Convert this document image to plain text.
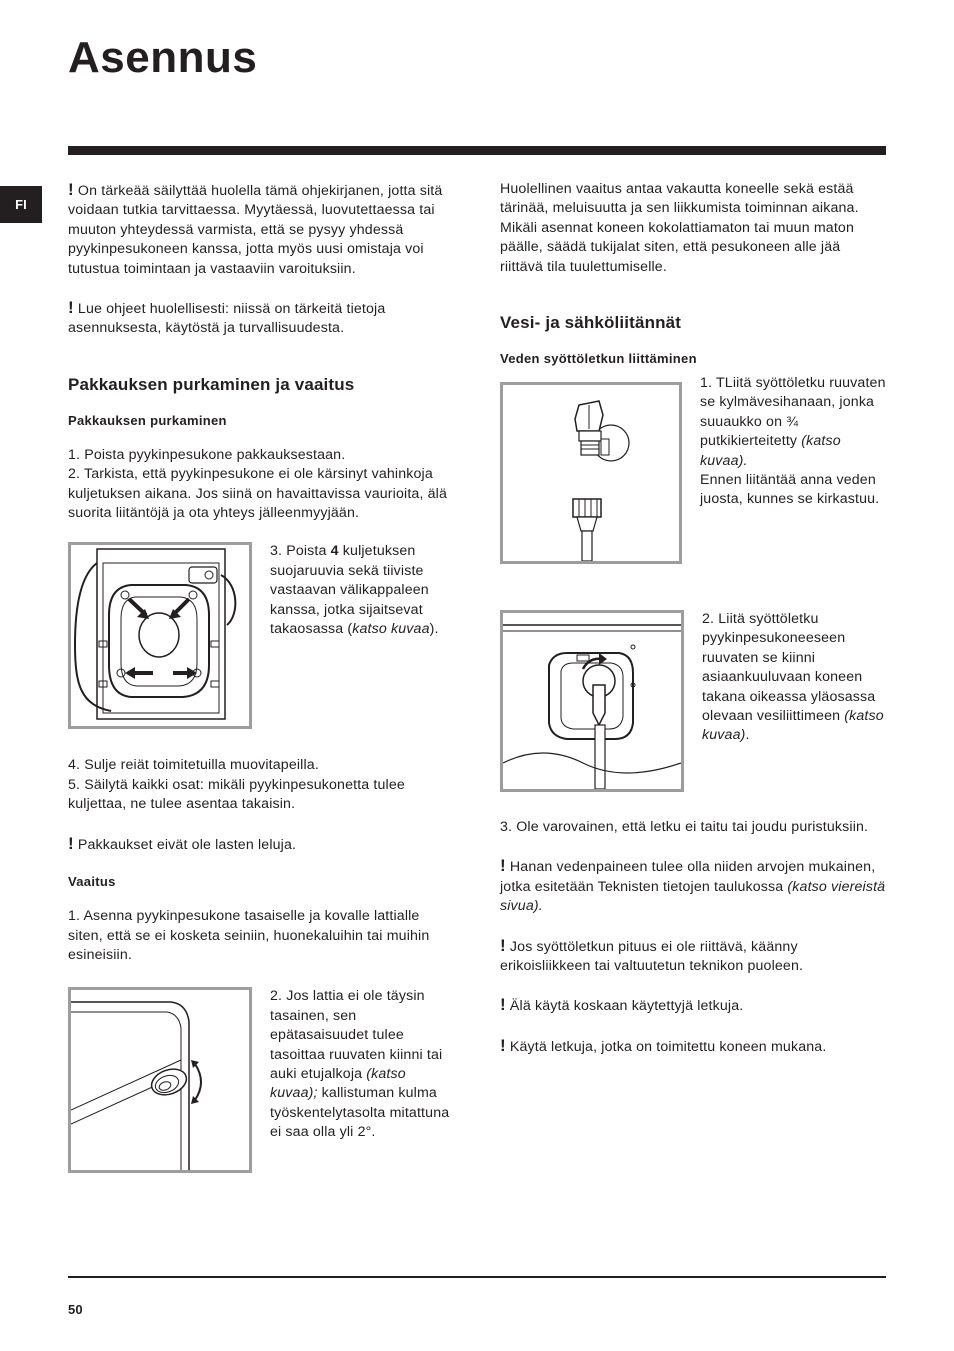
Asennus
FI

! On tärkeää säilyttää huolella tämä ohjekirjanen, jotta sitä voidaan tutkia tarvittaessa. Myytäessä, luovutettaessa tai muuton yhteydessä varmista, että se pysyy yhdessä pyykinpesukoneen kanssa, jotta myös uusi omistaja voi tutustua toimintaan ja vastaaviin varoituksiin.

! Lue ohjeet huolellisesti: niissä on tärkeitä tietoja asennuksesta, käytöstä ja turvallisuudesta.

Pakkauksen purkaminen ja vaaitus

Pakkauksen purkaminen

1. Poista pyykinpesukone pakkauksestaan.

2. Tarkista, että pyykinpesukone ei ole kärsinyt vahinkoja kuljetuksen aikana. Jos siinä on havaittavissa vaurioita, älä suorita liitäntöjä ja ota yhteys jälleenmyyjään.

3. Poista 4 kuljetuksen suojaruuvia sekä tiiviste vastaavan välikappaleen kanssa, jotka sijaitsevat takaosassa (katso kuvaa).

4. Sulje reiät toimitetuilla muovitapeilla.

5. Säilytä kaikki osat: mikäli pyykinpesukonetta tulee kuljettaa, ne tulee asentaa takaisin.

! Pakkaukset eivät ole lasten leluja.

Vaaitus

1. Asenna pyykinpesukone tasaiselle ja kovalle lattialle siten, että se ei kosketa seiniin, huonekaluihin tai muihin esineisiin.

2. Jos lattia ei ole täysin tasainen, sen epätasaisuudet tulee tasoittaa ruuvaten kiinni tai auki etujalkoja (katso kuvaa); kallistuman kulma työskentelytasolta mitattuna ei saa olla yli 2°.

Huolellinen vaaitus antaa vakautta koneelle sekä estää tärinää, meluisuutta ja sen liikkumista toiminnan aikana. Mikäli asennat koneen kokolattiamaton tai muun maton päälle, säädä tukijalat siten, että pesukoneen alle jää riittävä tila tuulettumiselle.

Vesi- ja sähköliitännät

Veden syöttöletkun liittäminen

1. TLiitä syöttöletku ruuvaten se kylmävesihanaan, jonka suuaukko on ¾ putkikierteitetty (katso kuvaa).
Ennen liitäntää anna veden juosta, kunnes se kirkastuu.

2. Liitä syöttöletku pyykinpesukoneeseen ruuvaten se kiinni asiaankuuluvaan koneen takana oikeassa yläosassa olevaan vesiliittimeen (katso kuvaa).

3. Ole varovainen, että letku ei taitu tai joudu puristuksiin.

! Hanan vedenpaineen tulee olla niiden arvojen mukainen, jotka esitetään Teknisten tietojen taulukossa (katso viereistä sivua).

! Jos syöttöletkun pituus ei ole riittävä, käänny erikoisliikkeen tai valtuutetun teknikon puoleen.

! Älä käytä koskaan käytettyjä letkuja.

! Käytä letkuja, jotka on toimitettu koneen mukana.

50
